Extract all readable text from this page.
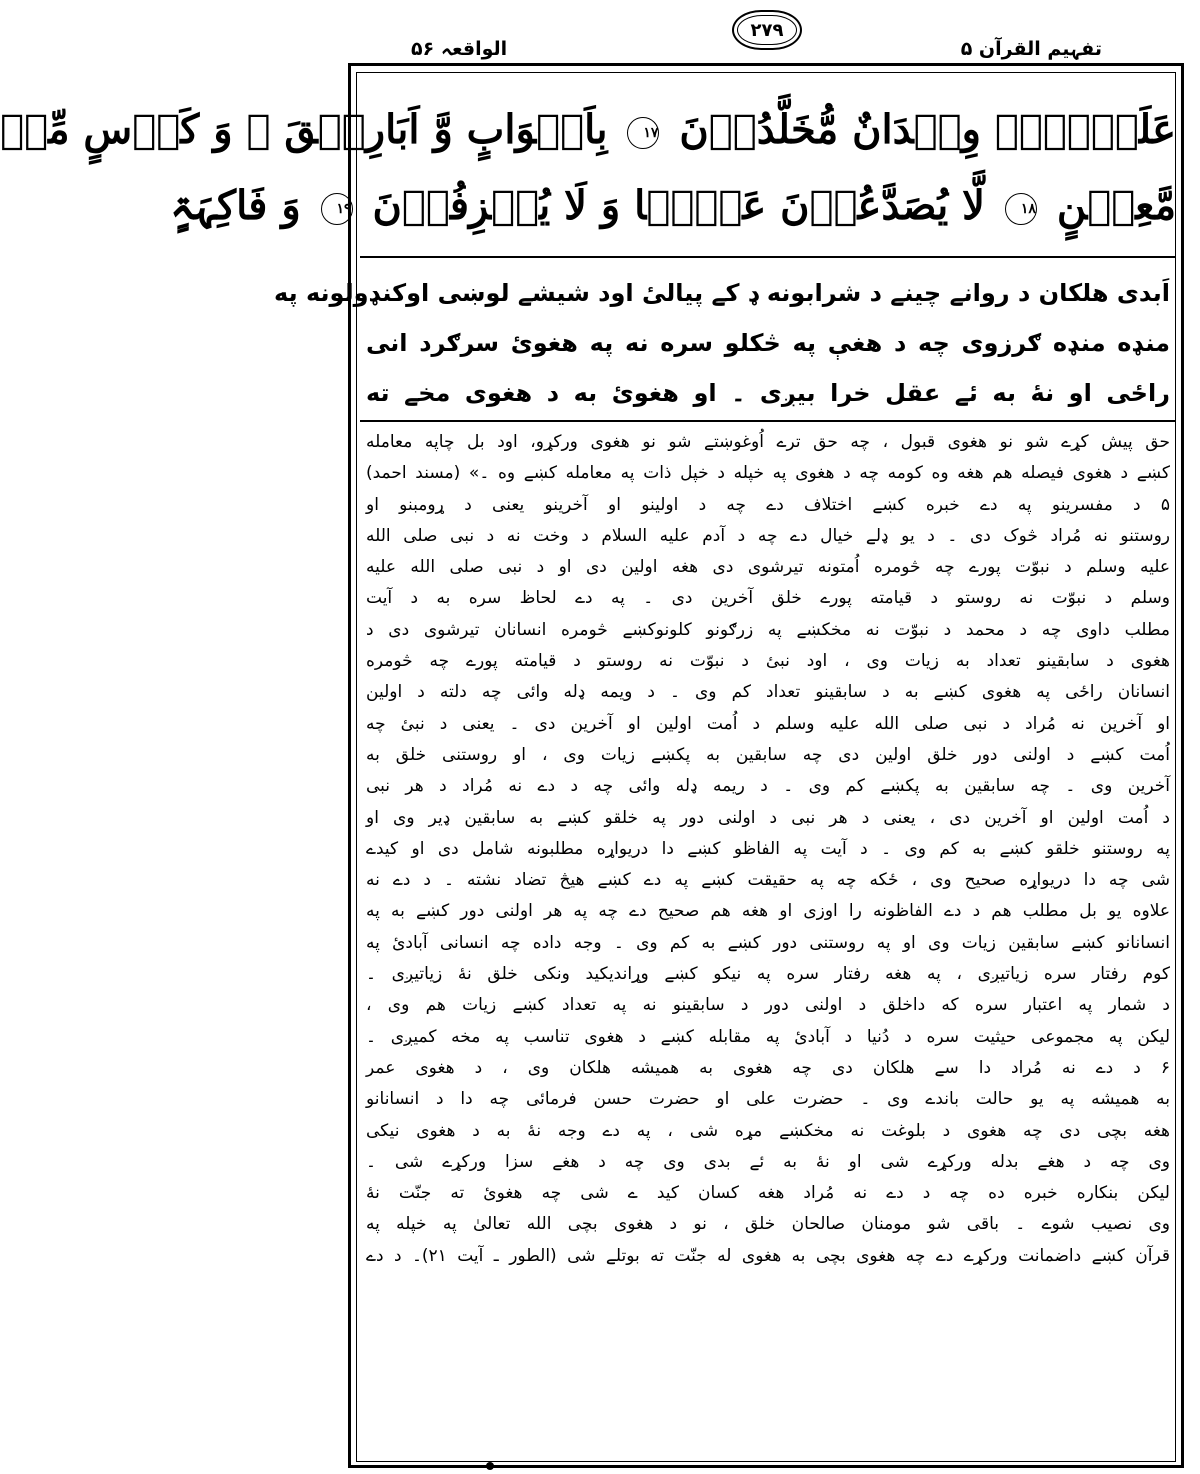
تفہیم القرآن ۵
۲۷۹
الواقعہ ۵۶
عَلَیۡہِمۡ وِلۡدَانٌ مُّخَلَّدُوۡنَ ۱۷ بِاَکۡوَابٍ وَّ اَبَارِیۡقَ ۙ وَ کَاۡسٍ مِّنۡ
مَّعِیۡنٍ ۱۸ لَّا یُصَدَّعُوۡنَ عَنۡہَا وَ لَا یُنۡزِفُوۡنَ ۱۹ وَ فَاکِہَۃٍ
اَبدی هلکان د روانے چینے د شرابونه ډ کے پیالیٔ اود شیشے لوښی اوکنډولونه په
منډه منډه ګرزوی چه د هغې په څکلو سره نه په هغویٔ سرګرد انی
راځی او نهٔ به ئے عقل خرا بیږی ۔ او هغویٔ به د هغوی مخے ته
حق پیش کړے شو نو هغوی قبول ، چه حق ترے اُوغوښتے شو نو هغوی ورکړو، اود بل چاپه معامله
کښے د هغوی فیصله هم هغه وه کومه چه د هغوی په خپله د خپل ذات په معامله کښے وه ۔» (مسند احمد)
۵ د مفسرینو په دے خبره کښے اختلاف دے چه د اولینو او آخرینو یعنی د ړومبنو او
روستنو نه مُراد څوک دی ۔ د یو ډلے خیال دے چه د آدم علیه السلام د وخت نه د نبی صلی الله
علیه وسلم د نبوّت پورے چه څومره اُمتونه تیرشوی دی هغه اولین دی او د نبی صلی الله علیه
وسلم د نبوّت نه روستو د قیامته پورے خلق آخرین دی ۔ په دے لحاظ سره به د آیت
مطلب داوی چه د محمد د نبوّت نه مخکښے په زرګونو کلونوکښے څومره انسانان تیرشوی دی د
هغوی د سابقینو تعداد به زیات وی ، اود نبیٔ د نبوّت نه روستو د قیامته پورے چه څومره
انسانان راځی په هغوی کښے به د سابقینو تعداد کم وی ۔ د ویمه ډله وائی چه دلته د اولین
او آخرین نه مُراد د نبی صلی الله علیه وسلم د اُمت اولین او آخرین دی ۔ یعنی د نبیٔ چه
اُمت کښے د اولنی دور خلق اولین دی چه سابقین به پکښے زیات وی ، او روستنی خلق به
آخرین وی ۔ چه سابقین به پکښے کم وی ۔ د ریمه ډله وائی چه د دے نه مُراد د هر نبی
د اُمت اولین او آخرین دی ، یعنی د هر نبی د اولنی دور په خلقو کښے به سابقین ډیر وی او
په روستنو خلقو کښے به کم وی ۔ د آیت په الفاظو کښے دا دریواړه مطلبونه شامل دی او کیدے
شی چه دا دریواړه صحیح وی ، ځکه چه په حقیقت کښے په دے کښے هیڅ تضاد نشته ۔ د دے نه
علاوه یو بل مطلب هم د دے الفاظونه را اوزی او هغه هم صحیح دے چه په هر اولنی دور کښے به په
انسانانو کښے سابقین زیات وی او په روستنی دور کښے به کم وی ۔ وجه داده چه انسانی آبادیٔ په
کوم رفتار سره زیاتیږی ، په هغه رفتار سره په نیکو کښے وړاندیکید ونکی خلق نهٔ زیاتیږی ۔
د شمار په اعتبار سره که داخلق د اولنی دور د سابقینو نه په تعداد کښے زیات هم وی ،
لیکن په مجموعی حیثیت سره د دُنیا د آبادیٔ په مقابله کښے د هغوی تناسب په مخه کمیږی ۔
۶ د دے نه مُراد دا سے هلکان دی چه هغوی به همیشه هلکان وی ، د هغوی عمر
به همیشه په یو حالت باندے وی ۔ حضرت علی او حضرت حسن فرمائی چه دا د انسانانو
هغه بچی دی چه هغوی د بلوغت نه مخکښے مړه شی ، په دے وجه نهٔ به د هغوی نیکی
وی چه د هغے بدله ورکړے شی او نهٔ به ئے بدی وی چه د هغے سزا ورکړے شی ۔
لیکن بنکاره خبره ده چه د دے نه مُراد هغه کسان کید ے شی چه هغویٔ ته جنّت نهٔ
وی نصیب شوے ۔ باقی شو مومنان صالحان خلق ، نو د هغوی بچی الله تعالیٰ په خپله په
قرآن کښے داضمانت ورکړے دے چه هغوی بچی به هغوی له جنّت ته بوتلے شی (الطور ـ آیت ۲۱)۔ د دے
